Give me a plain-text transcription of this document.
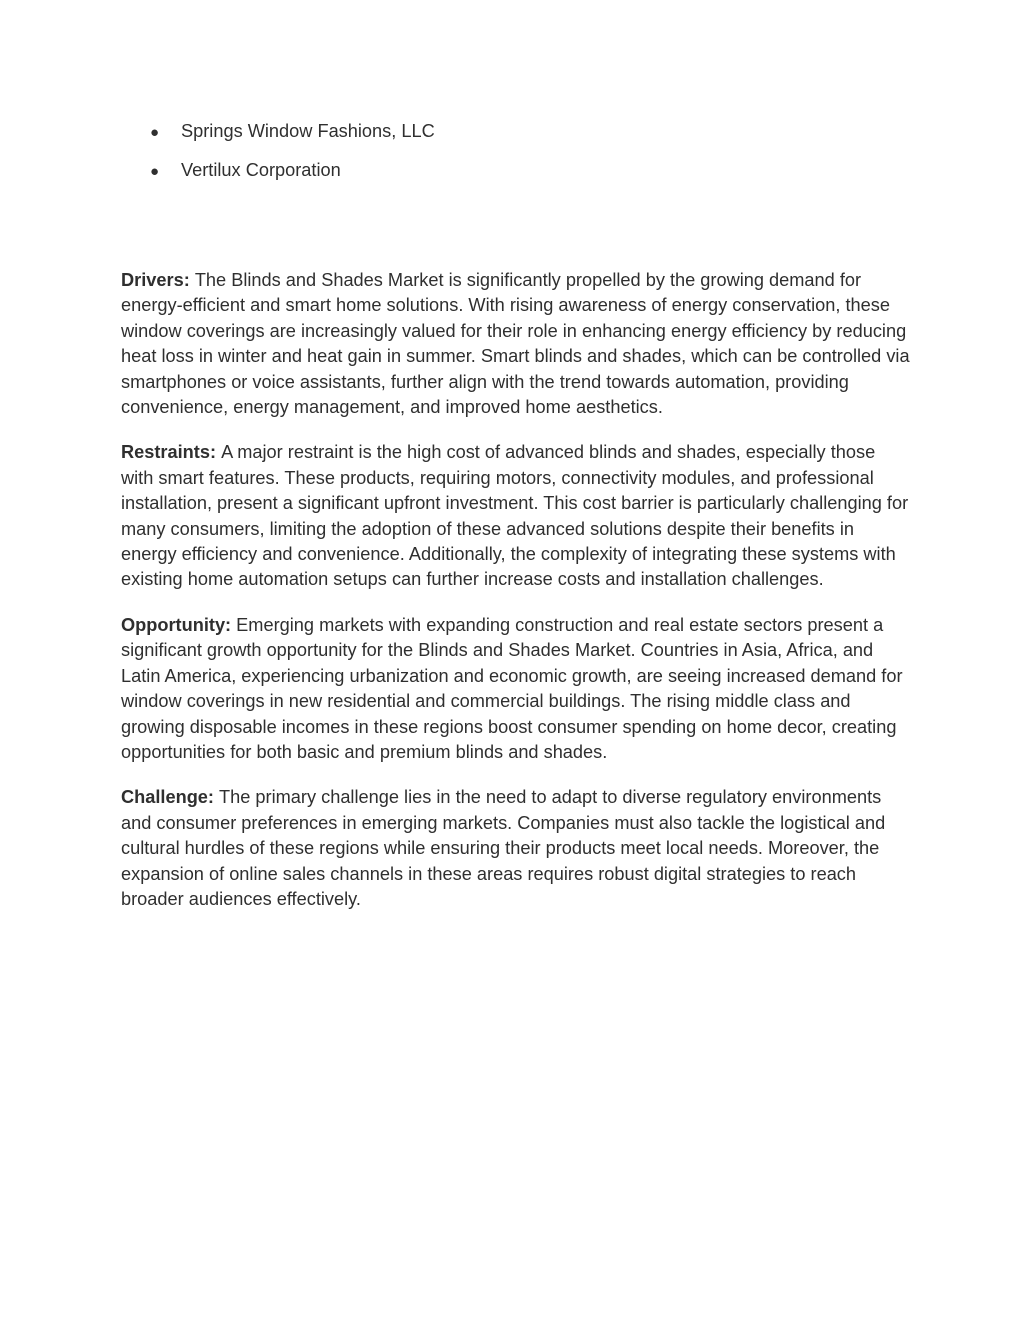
●	Springs Window Fashions, LLC
●	Vertilux Corporation

Drivers: The Blinds and Shades Market is significantly propelled by the growing demand for energy-efficient and smart home solutions. With rising awareness of energy conservation, these window coverings are increasingly valued for their role in enhancing energy efficiency by reducing heat loss in winter and heat gain in summer. Smart blinds and shades, which can be controlled via smartphones or voice assistants, further align with the trend towards automation, providing convenience, energy management, and improved home aesthetics.

Restraints: A major restraint is the high cost of advanced blinds and shades, especially those with smart features. These products, requiring motors, connectivity modules, and professional installation, present a significant upfront investment. This cost barrier is particularly challenging for many consumers, limiting the adoption of these advanced solutions despite their benefits in energy efficiency and convenience. Additionally, the complexity of integrating these systems with existing home automation setups can further increase costs and installation challenges.

Opportunity: Emerging markets with expanding construction and real estate sectors present a significant growth opportunity for the Blinds and Shades Market. Countries in Asia, Africa, and Latin America, experiencing urbanization and economic growth, are seeing increased demand for window coverings in new residential and commercial buildings. The rising middle class and growing disposable incomes in these regions boost consumer spending on home decor, creating opportunities for both basic and premium blinds and shades.

Challenge: The primary challenge lies in the need to adapt to diverse regulatory environments and consumer preferences in emerging markets. Companies must also tackle the logistical and cultural hurdles of these regions while ensuring their products meet local needs. Moreover, the expansion of online sales channels in these areas requires robust digital strategies to reach broader audiences effectively.
